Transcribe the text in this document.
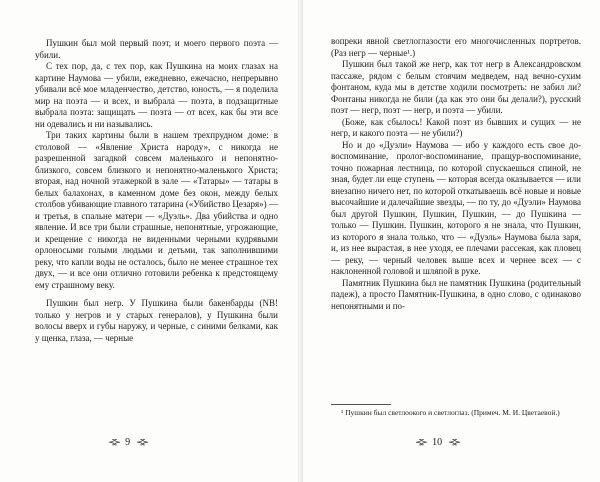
Пушкин был мой первый поэт, и моего первого поэта — убили.

С тех пор, да, с тех пор, как Пушкина на моих глазах на картине Наумова — убили, ежедневно, ежечасно, непрерывно убивали всё мое младенчество, детство, юность, — я поделила мир на поэта — и всех, и выбрала — поэта, в подзащитные выбрала поэта: защищать — поэта — от всех, как бы эти все ни одевались и ни назывались.

Три таких картины были в нашем трехпрудном доме: в столовой — «Явление Христа народу», с никогда не разрешенной загадкой совсем маленького и непонятно-близкого, совсем близкого и непонятно-маленького Христа; вторая, над ночной этажеркой в зале — «Татары» — татары в белых балахонах, в каменном доме без окон, между белых столбов убивающие главного татарина («Убийство Цезаря») — и третья, в спальне матери — «Дуэль». Два убийства и одно явление. И все три были страшные, непонятные, угрожающие, и крещение с никогда не виденными черными кудрявыми орлоносыми голыми людьми и детьми, так заполнившими реку, что капли воды не осталось, было не менее страшное тех двух, — и все они отлично готовили ребенка к предстоящему ему страшному веку.

Пушкин был негр. У Пушкина были бакенбарды (NB! только у негров и у старых генералов), у Пушкина были волосы вверх и губы наружу, и черные, с синими белками, как у щенка, глаза, — черные

⊰⊱ 9 ⊰⊱

вопреки явной светлоглазости его многочисленных портретов. (Раз негр — черные¹.)

Пушкин был такой же негр, как тот негр в Александровском пассаже, рядом с белым стоячим медведем, над вечно-сухим фонтаном, куда мы в детстве ходили посмотреть: не забил ли? Фонтаны никогда не били (да как это они бы делали?), русский поэт — негр, поэт — негр, и поэта — убили.

(Боже, как сбылось! Какой поэт из бывших и сущих — не негр, и какого поэта — не убили?)

Но и до «Дуэли» Наумова — ибо у каждого есть свое до-воспоминание, пролог-воспоминание, пращур-воспоминание, точно пожарная лестница, по которой спускаешься спиной, не зная, будет ли еще ступень — которая всегда оказывается — или внезапно ничего нет, по которой откатываешь всё новые и новые высочайшие и далечайшие звезды, — по ту, до «Дуэли» Наумова был другой Пушкин, Пушкин, Пушкин, — до Пушкина — только — Пушкин. Пушкин, которого я не знала, что Пушкин, из которого я знала только, что — «Дуэль» Наумова была заря, и, из нее вырастая, в нее уходя, ее плечами рассекая, как пловец — реку, — черный человек выше всех и чернее всех — с наклоненной головой и шляпой в руке.

Памятник Пушкина был не памятник Пушкина (родительный падеж), а просто Памятник-Пушкина, в одно слово, с одинаково непонятными и по-

¹ Пушкин был светлоокого и светлоглаз. (Примеч. М. И. Цветаевой.)
⊰⊱ 10 ⊰⊱
